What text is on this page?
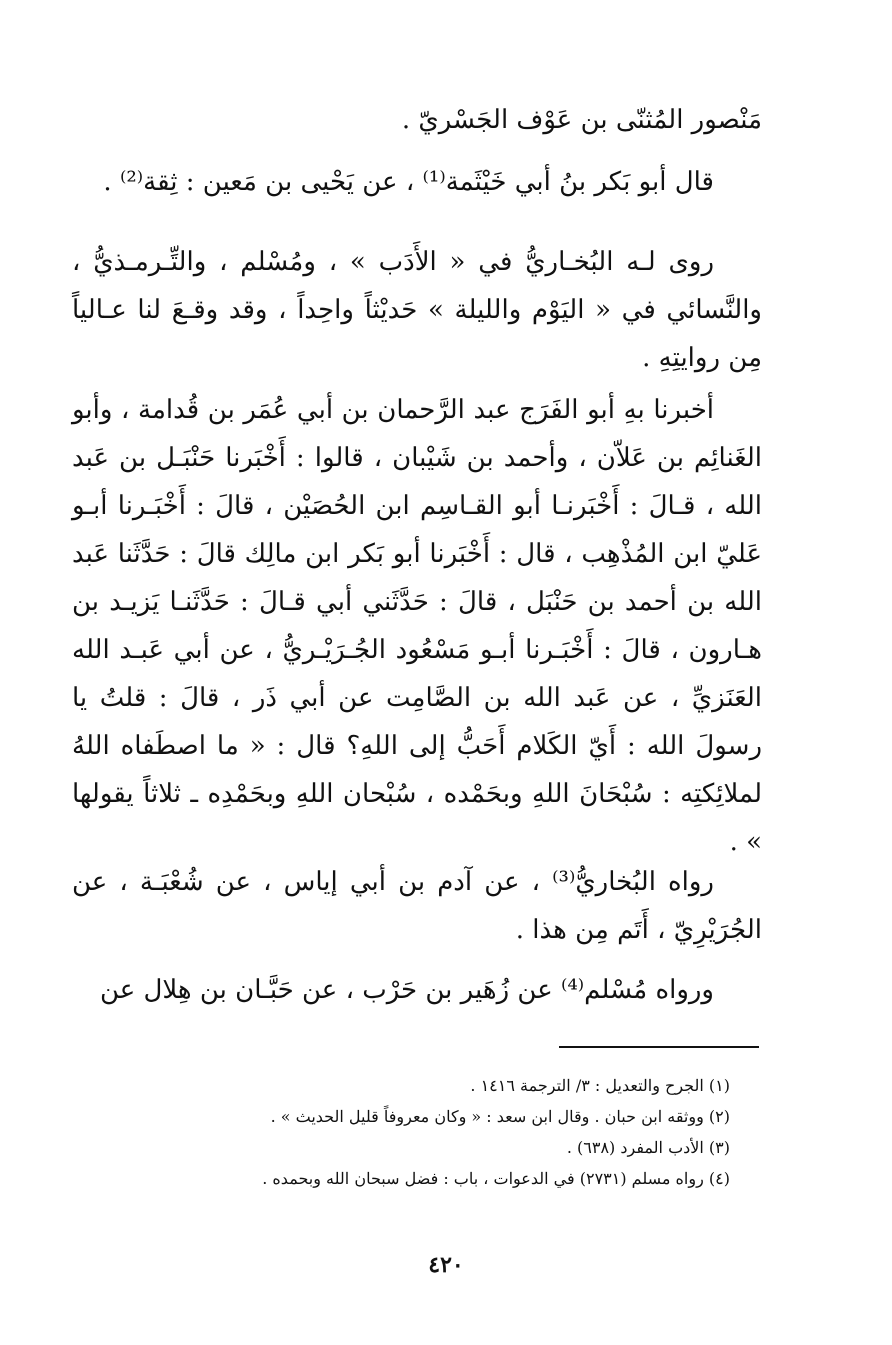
مَنْصور المُثنّى بن عَوْف الجَسْريّ .

قال أبو بَكر بنُ أبي خَيْثَمة⁽¹⁾ ، عن يَحْيى بن مَعين : ثِقة⁽²⁾ .

روى لـه البُخـاريُّ في « الأَدَب » ، ومُسْلم ، والتِّـرمـذيُّ ، والنَّسائي في « اليَوْم والليلة » حَديْثاً واحِداً ، وقد وقـعَ لنا عـالياً مِن روايتِهِ .

أخبرنا بهِ أبو الفَرَج عبد الرَّحمان بن أبي عُمَر بن قُدامة ، وأبو الغَنائِم بن عَلاّن ، وأحمد بن شَيْبان ، قالوا : أَخْبَرنا حَنْبَـل بن عَبد الله ، قـالَ : أَخْبَرنـا أبو القـاسِم ابن الحُصَيْن ، قالَ : أَخْبَـرنا أبـو عَليّ ابن المُذْهِب ، قال : أَخْبَرنا أبو بَكر ابن مالِك قالَ : حَدَّثَنا عَبد الله بن أحمد بن حَنْبَل ، قالَ : حَدَّثَني أبي قـالَ : حَدَّثَنـا يَزيـد بن هـارون ، قالَ : أَخْبَـرنا أبـو مَسْعُود الجُـرَيْـريُّ ، عن أبي عَبـد الله العَنَزيِّ ، عن عَبد الله بن الصَّامِت عن أبي ذَر ، قالَ : قلتُ يا رسولَ الله : أَيّ الكَلام أَحَبُّ إلى اللهِ؟ قال : « ما اصطَفاه اللهُ لملائِكتِه : سُبْحَانَ اللهِ وبحَمْده ، سُبْحان اللهِ وبحَمْدِه ـ ثلاثاً يقولها » .

رواه البُخاريُّ⁽³⁾ ، عن آدم بن أبي إياس ، عن شُعْبَـة ، عن الجُرَيْرِيّ ، أَتَم مِن هذا .

ورواه مُسْلم⁽⁴⁾ عن زُهَير بن حَرْب ، عن حَبَّـان بن هِلال عن

(١) الجرح والتعديل : ٣/ الترجمة ١٤١٦ .
(٢) ووثقه ابن حبان . وقال ابن سعد : « وكان معروفاً قليل الحديث » .
(٣) الأدب المفرد (٦٣٨) .
(٤) رواه مسلم (٢٧٣١) في الدعوات ، باب : فضل سبحان الله وبحمده .
٤٢٠
